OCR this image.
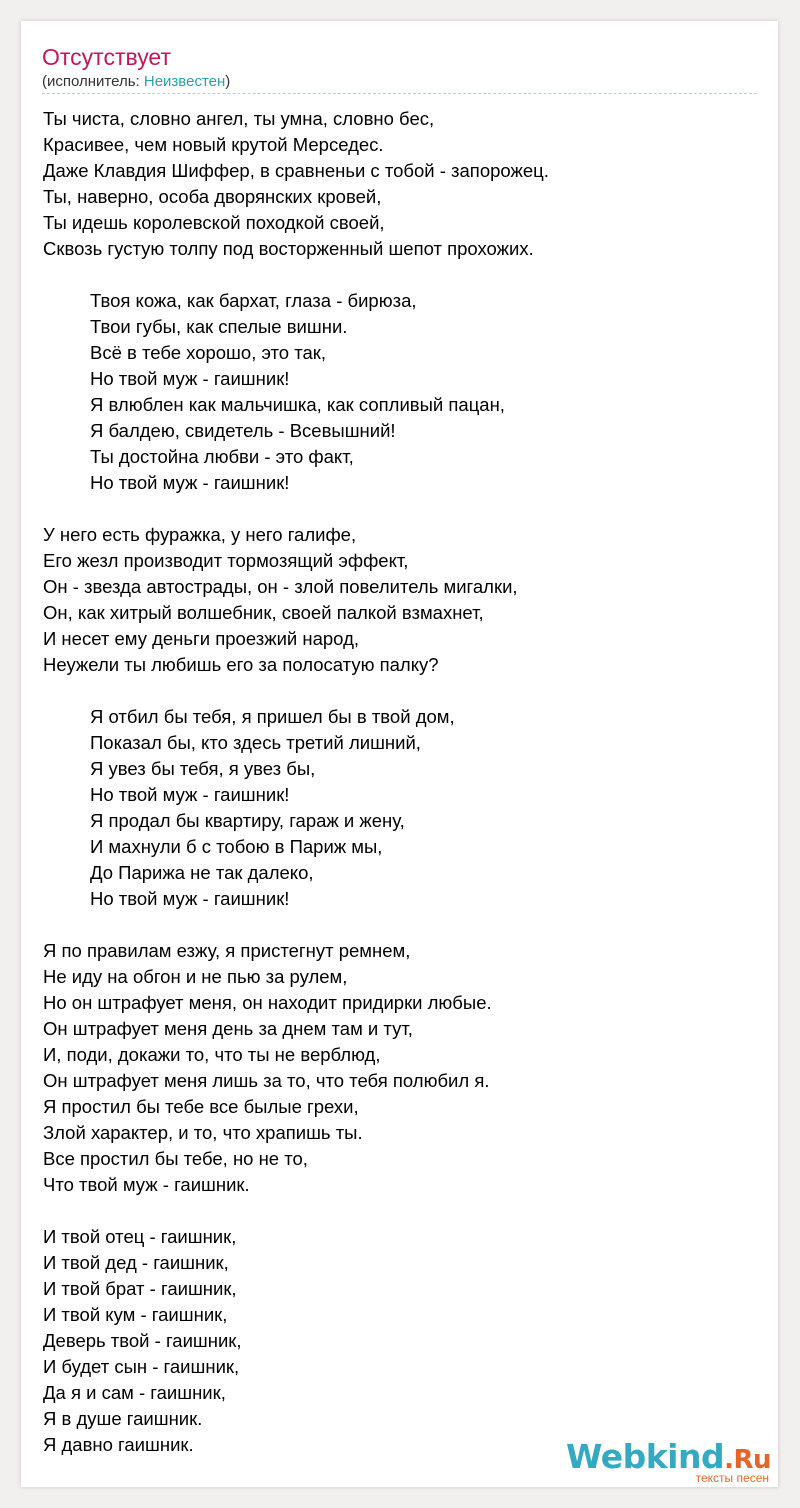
Отсутствует
(исполнитель: Неизвестен)
Ты чиста, словно ангел, ты умна, словно бес,
Красивее, чем новый крутой Мерседес.
Даже Клавдия Шиффер, в сравненьи с тобой - запорожец.
Ты, наверно, особа дворянских кровей,
Ты идешь королевской походкой своей,
Сквозь густую толпу под восторженный шепот прохожих.
Твоя кожа, как бархат, глаза - бирюза,
Твои губы, как спелые вишни.
Всё в тебе хорошо, это так,
Но твой муж - гаишник!
Я влюблен как мальчишка, как сопливый пацан,
Я балдею, свидетель - Всевышний!
Ты достойна любви - это факт,
Но твой муж - гаишник!
У него есть фуражка, у него галифе,
Его жезл производит тормозящий эффект,
Он - звезда автострады, он - злой повелитель мигалки,
Он, как хитрый волшебник, своей палкой взмахнет,
И несет ему деньги проезжий народ,
Неужели ты любишь его за полосатую палку?
Я отбил бы тебя, я пришел бы в твой дом,
Показал бы, кто здесь третий лишний,
Я увез бы тебя, я увез бы,
Но твой муж - гаишник!
Я продал бы квартиру, гараж и жену,
И махнули б с тобою в Париж мы,
До Парижа не так далеко,
Но твой муж - гаишник!
Я по правилам езжу, я пристегнут ремнем,
Не иду на обгон и не пью за рулем,
Но он штрафует меня, он находит придирки любые.
Он штрафует меня день за днем там и тут,
И, поди, докажи то, что ты не верблюд,
Он штрафует меня лишь за то, что тебя полюбил я.
Я простил бы тебе все былые грехи,
Злой характер, и то, что храпишь ты.
Все простил бы тебе, но не то,
Что твой муж - гаишник.
И твой отец - гаишник,
И твой дед - гаишник,
И твой брат - гаишник,
И твой кум - гаишник,
Деверь твой - гаишник,
И будет сын - гаишник,
Да я и сам - гаишник,
Я в душе гаишник.
Я давно гаишник.	Webkind.Ru
тексты песен
